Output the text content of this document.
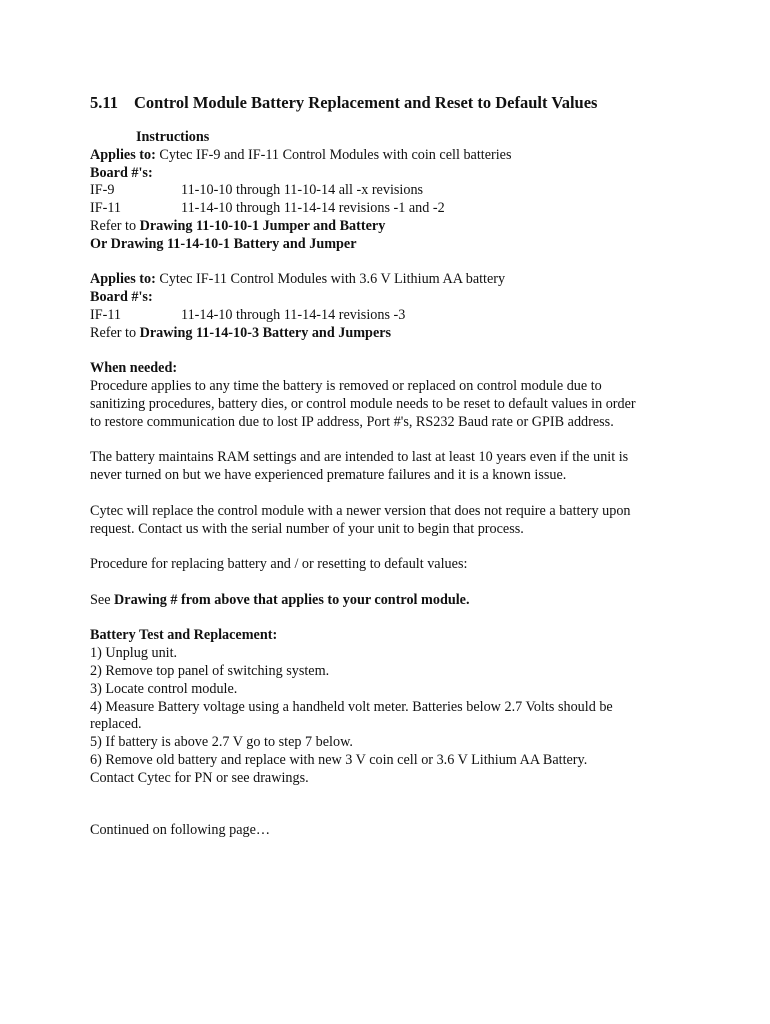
5.11 Control Module Battery Replacement and Reset to Default Values

Instructions

Applies to: Cytec IF-9 and IF-11 Control Modules with coin cell batteries

Board #'s:

IF-9	11-10-10 through 11-10-14 all -x revisions

IF-11	11-14-10 through 11-14-14 revisions -1 and -2

Refer to Drawing 11-10-10-1 Jumper and Battery

Or Drawing 11-14-10-1 Battery and Jumper

Applies to: Cytec IF-11 Control Modules with 3.6 V Lithium AA battery

Board #'s:

IF-11	11-14-10 through 11-14-14 revisions -3

Refer to Drawing 11-14-10-3 Battery and Jumpers

When needed:

Procedure applies to any time the battery is removed or replaced on control module due to

sanitizing procedures, battery dies, or control module needs to be reset to default values in order

to restore communication due to lost IP address, Port #'s, RS232 Baud rate or GPIB address.

The battery maintains RAM settings and are intended to last at least 10 years even if the unit is

never turned on but we have experienced premature failures and it is a known issue.

Cytec will replace the control module with a newer version that does not require a battery upon

request. Contact us with the serial number of your unit to begin that process.

Procedure for replacing battery and / or resetting to default values:

See Drawing # from above that applies to your control module.

Battery Test and Replacement:

1) Unplug unit.

2) Remove top panel of switching system.

3) Locate control module.

4) Measure Battery voltage using a handheld volt meter. Batteries below 2.7 Volts should be

replaced.

5) If battery is above 2.7 V go to step 7 below.

6) Remove old battery and replace with new 3 V coin cell or 3.6 V Lithium AA Battery.

Contact Cytec for PN or see drawings.

Continued on following page…
